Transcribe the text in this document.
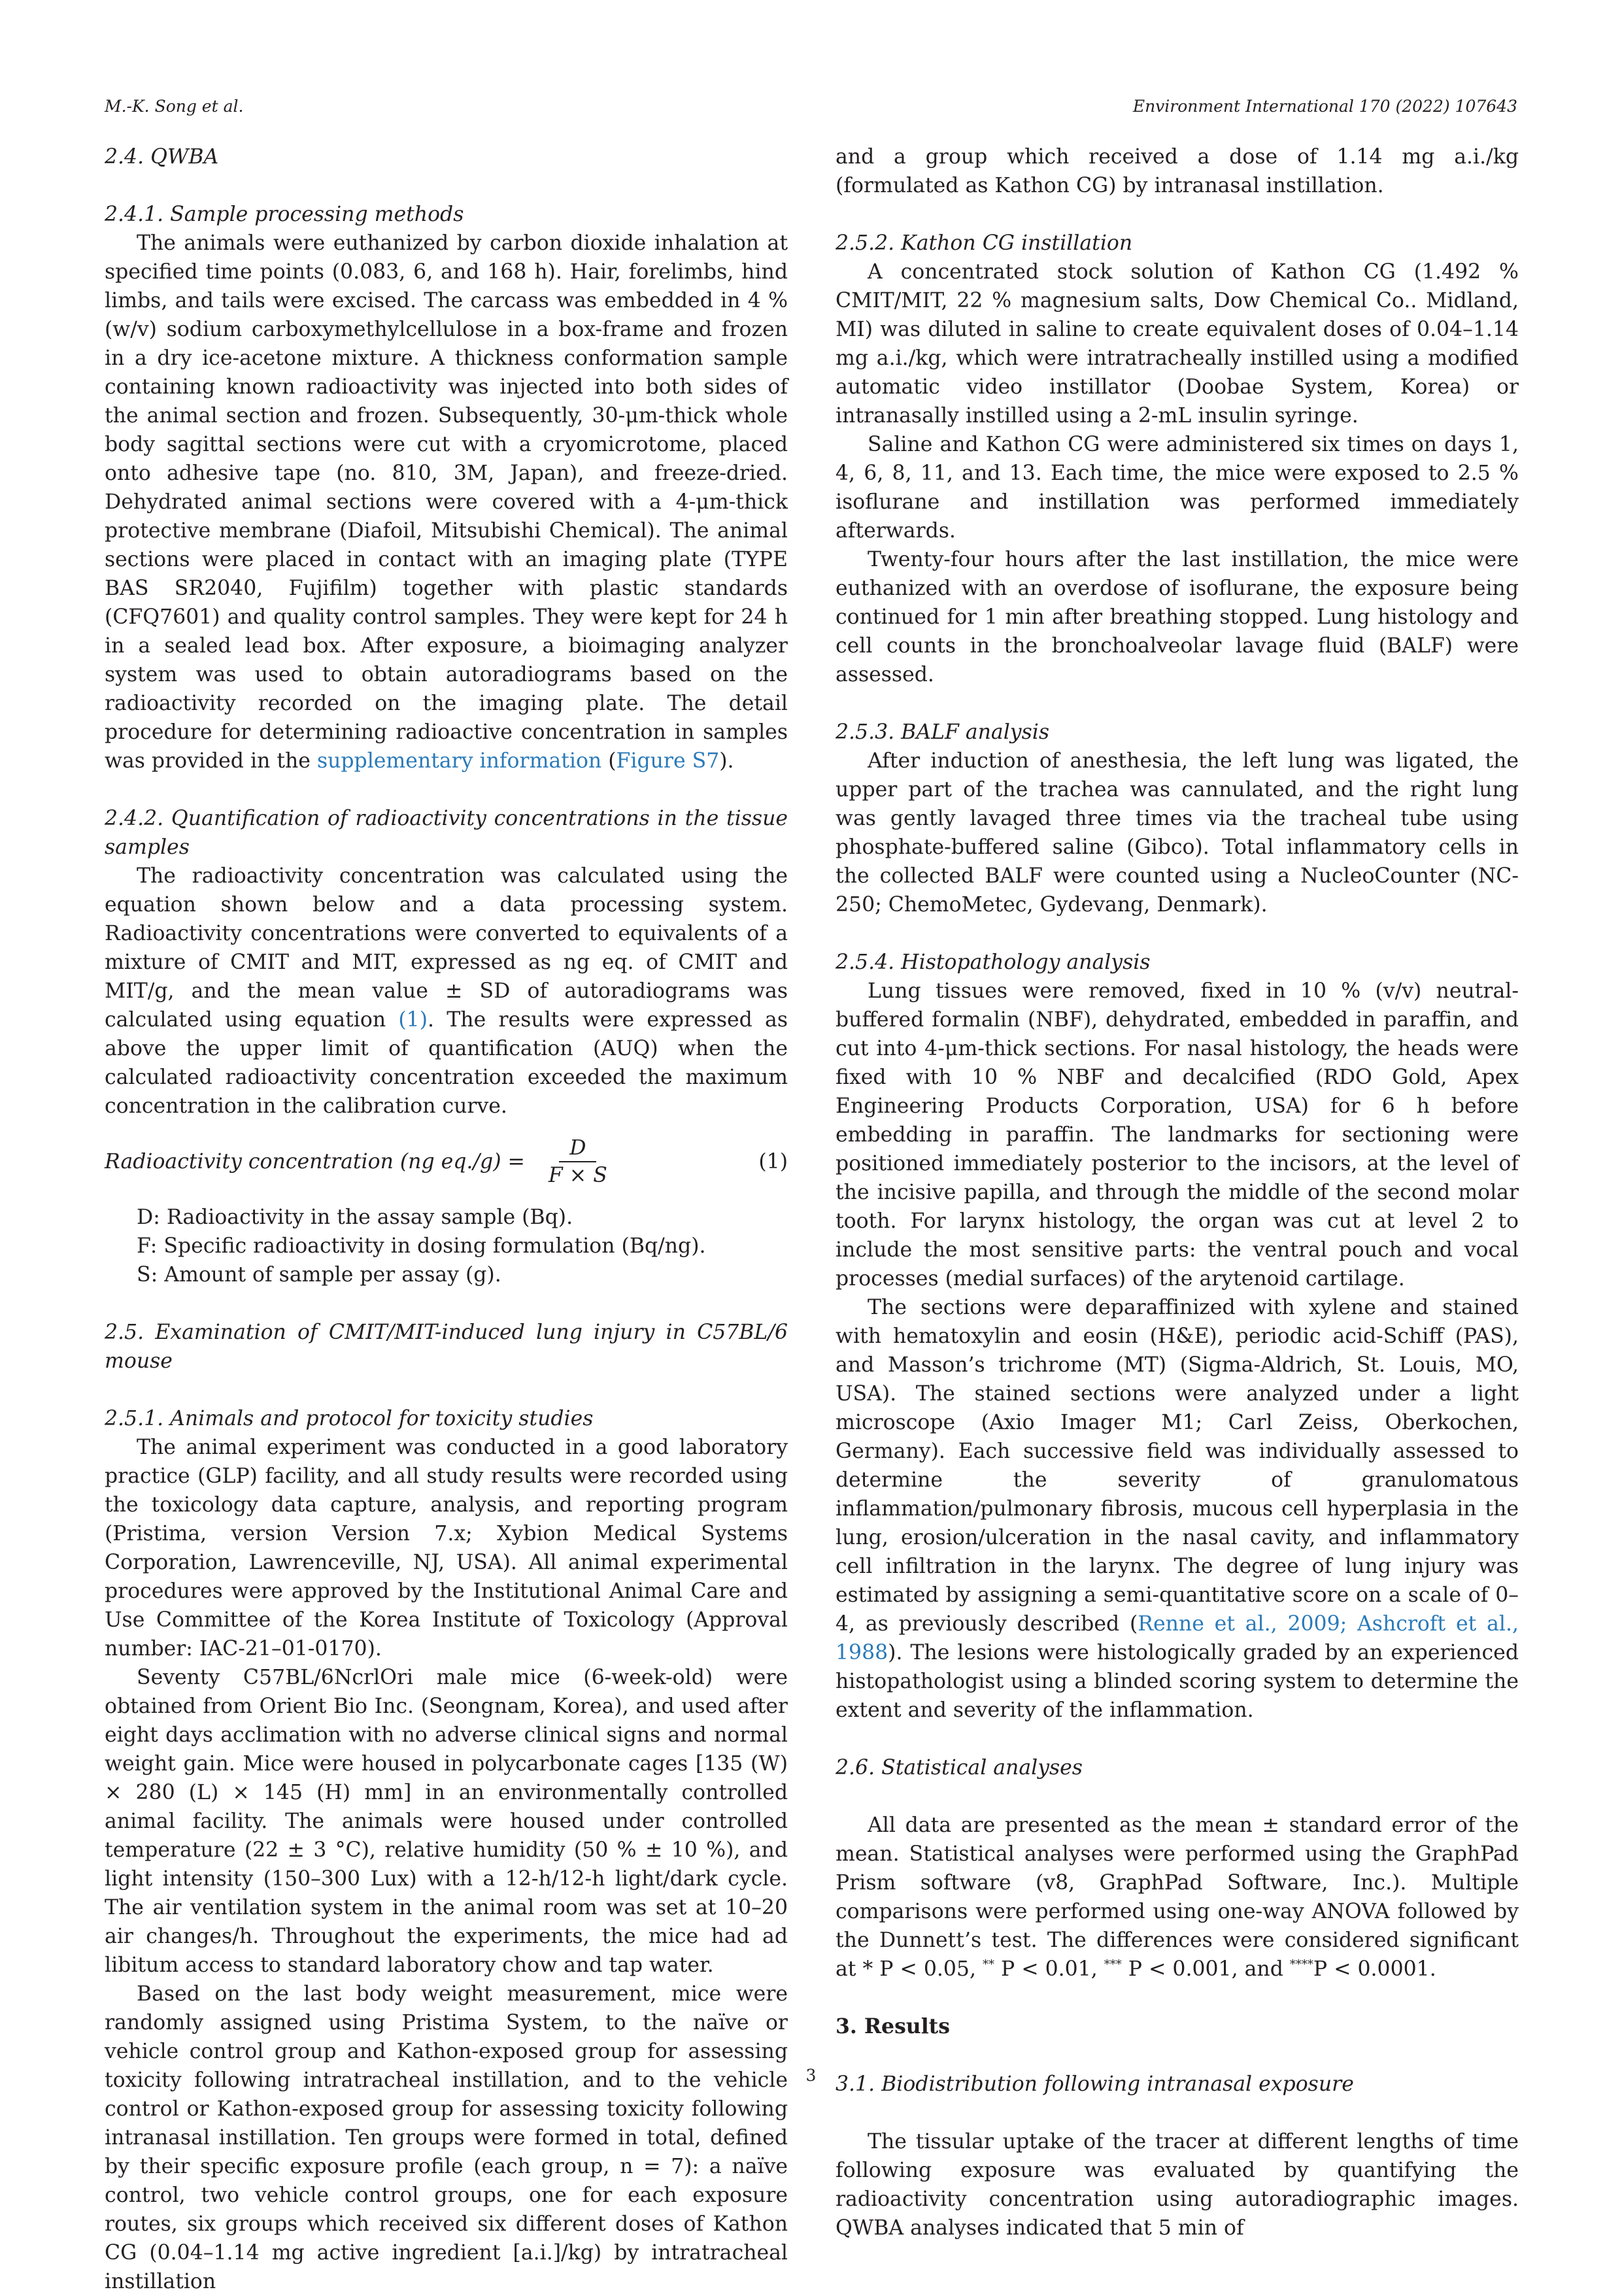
M.-K. Song et al.	Environment International 170 (2022) 107643

2.4. QWBA

2.4.1. Sample processing methods

The animals were euthanized by carbon dioxide inhalation at specified time points (0.083, 6, and 168 h). Hair, forelimbs, hind limbs, and tails were excised. The carcass was embedded in 4 % (w/v) sodium carboxymethylcellulose in a box-frame and frozen in a dry ice-acetone mixture. A thickness conformation sample containing known radioactivity was injected into both sides of the animal section and frozen. Subsequently, 30-μm-thick whole body sagittal sections were cut with a cryomicrotome, placed onto adhesive tape (no. 810, 3M, Japan), and freeze-dried. Dehydrated animal sections were covered with a 4-μm-thick protective membrane (Diafoil, Mitsubishi Chemical). The animal sections were placed in contact with an imaging plate (TYPE BAS SR2040, Fujifilm) together with plastic standards (CFQ7601) and quality control samples. They were kept for 24 h in a sealed lead box. After exposure, a bioimaging analyzer system was used to obtain autoradiograms based on the radioactivity recorded on the imaging plate. The detail procedure for determining radioactive concentration in samples was provided in the supplementary information (Figure S7).

2.4.2. Quantification of radioactivity concentrations in the tissue samples

The radioactivity concentration was calculated using the equation shown below and a data processing system. Radioactivity concentrations were converted to equivalents of a mixture of CMIT and MIT, expressed as ng eq. of CMIT and MIT/g, and the mean value ± SD of autoradiograms was calculated using equation (1). The results were expressed as above the upper limit of quantification (AUQ) when the calculated radioactivity concentration exceeded the maximum concentration in the calibration curve.

Radioactivity concentration (ng $eq./g) = \frac{D}{F \times S}$	(1)

D: Radioactivity in the assay sample (Bq).

F: Specific radioactivity in dosing formulation (Bq/ng).

S: Amount of sample per assay (g).

2.5. Examination of CMIT/MIT-induced lung injury in C57BL/6 mouse

2.5.1. Animals and protocol for toxicity studies

The animal experiment was conducted in a good laboratory practice (GLP) facility, and all study results were recorded using the toxicology data capture, analysis, and reporting program (Pristima, version Version 7.x; Xybion Medical Systems Corporation, Lawrenceville, NJ, USA). All animal experimental procedures were approved by the Institutional Animal Care and Use Committee of the Korea Institute of Toxicology (Approval number: IAC-21–01-0170).

Seventy C57BL/6NcrlOri male mice (6-week-old) were obtained from Orient Bio Inc. (Seongnam, Korea), and used after eight days acclimation with no adverse clinical signs and normal weight gain. Mice were housed in polycarbonate cages [135 (W) × 280 (L) × 145 (H) mm] in an environmentally controlled animal facility. The animals were housed under controlled temperature (22 ± 3 °C), relative humidity (50 % ± 10 %), and light intensity (150–300 Lux) with a 12-h/12-h light/dark cycle. The air ventilation system in the animal room was set at 10–20 air changes/h. Throughout the experiments, the mice had ad libitum access to standard laboratory chow and tap water.

Based on the last body weight measurement, mice were randomly assigned using Pristima System, to the naïve or vehicle control group and Kathon-exposed group for assessing toxicity following intratracheal instillation, and to the vehicle control or Kathon-exposed group for assessing toxicity following intranasal instillation. Ten groups were formed in total, defined by their specific exposure profile (each group, n = 7): a naïve control, two vehicle control groups, one for each exposure routes, six groups which received six different doses of Kathon CG (0.04–1.14 mg active ingredient [a.i.]/kg) by intratracheal instillation

and a group which received a dose of 1.14 mg a.i./kg (formulated as Kathon CG) by intranasal instillation.

2.5.2. Kathon CG instillation

A concentrated stock solution of Kathon CG (1.492 % CMIT/MIT, 22 % magnesium salts, Dow Chemical Co.. Midland, MI) was diluted in saline to create equivalent doses of 0.04–1.14 mg a.i./kg, which were intratracheally instilled using a modified automatic video instillator (Doobae System, Korea) or intranasally instilled using a 2-mL insulin syringe.

Saline and Kathon CG were administered six times on days 1, 4, 6, 8, 11, and 13. Each time, the mice were exposed to 2.5 % isoflurane and instillation was performed immediately afterwards.

Twenty-four hours after the last instillation, the mice were euthanized with an overdose of isoflurane, the exposure being continued for 1 min after breathing stopped. Lung histology and cell counts in the bronchoalveolar lavage fluid (BALF) were assessed.

2.5.3. BALF analysis

After induction of anesthesia, the left lung was ligated, the upper part of the trachea was cannulated, and the right lung was gently lavaged three times via the tracheal tube using phosphate-buffered saline (Gibco). Total inflammatory cells in the collected BALF were counted using a NucleoCounter (NC-250; ChemoMetec, Gydevang, Denmark).

2.5.4. Histopathology analysis

Lung tissues were removed, fixed in 10 % (v/v) neutral-buffered formalin (NBF), dehydrated, embedded in paraffin, and cut into 4-μm-thick sections. For nasal histology, the heads were fixed with 10 % NBF and decalcified (RDO Gold, Apex Engineering Products Corporation, USA) for 6 h before embedding in paraffin. The landmarks for sectioning were positioned immediately posterior to the incisors, at the level of the incisive papilla, and through the middle of the second molar tooth. For larynx histology, the organ was cut at level 2 to include the most sensitive parts: the ventral pouch and vocal processes (medial surfaces) of the arytenoid cartilage.

The sections were deparaffinized with xylene and stained with hematoxylin and eosin (H&E), periodic acid-Schiff (PAS), and Masson’s trichrome (MT) (Sigma-Aldrich, St. Louis, MO, USA). The stained sections were analyzed under a light microscope (Axio Imager M1; Carl Zeiss, Oberkochen, Germany). Each successive field was individually assessed to determine the severity of granulomatous inflammation/pulmonary fibrosis, mucous cell hyperplasia in the lung, erosion/ulceration in the nasal cavity, and inflammatory cell infiltration in the larynx. The degree of lung injury was estimated by assigning a semi-quantitative score on a scale of 0–4, as previously described (Renne et al., 2009; Ashcroft et al., 1988). The lesions were histologically graded by an experienced histopathologist using a blinded scoring system to determine the extent and severity of the inflammation.

2.6. Statistical analyses

All data are presented as the mean ± standard error of the mean. Statistical analyses were performed using the GraphPad Prism software (v8, GraphPad Software, Inc.). Multiple comparisons were performed using one-way ANOVA followed by the Dunnett’s test. The differences were considered significant at * P < 0.05, ** P < 0.01, *** P < 0.001, and ****P < 0.0001.

3. Results

3.1. Biodistribution following intranasal exposure

The tissular uptake of the tracer at different lengths of time following exposure was evaluated by quantifying the radioactivity concentration using autoradiographic images. QWBA analyses indicated that 5 min of

3
